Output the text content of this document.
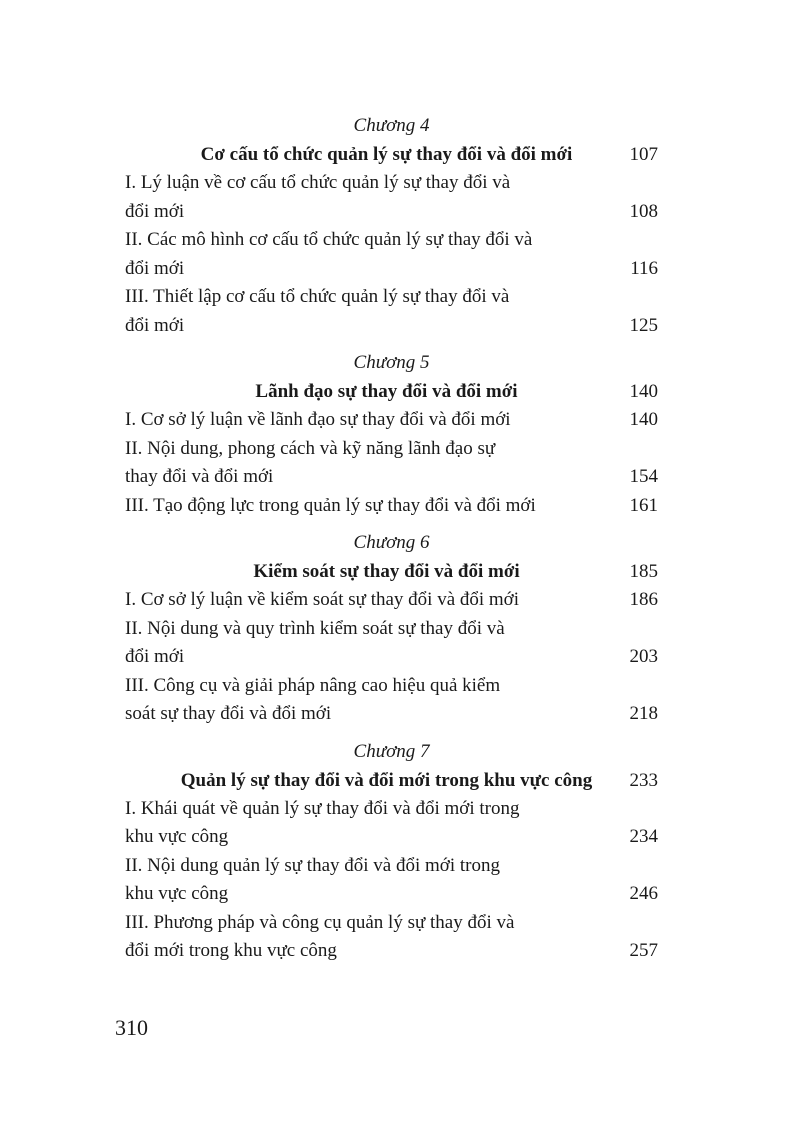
Chương 4
Cơ cấu tổ chức quản lý sự thay đổi và đổi mới	107
I. Lý luận về cơ cấu tổ chức quản lý sự thay đổi và
đổi mới	108
II. Các mô hình cơ cấu tổ chức quản lý sự thay đổi và
đổi mới	116
III. Thiết lập cơ cấu tổ chức quản lý sự thay đổi và
đổi mới	125
Chương 5
Lãnh đạo sự thay đổi và đổi mới	140
I. Cơ sở lý luận về lãnh đạo sự thay đổi và đổi mới	140
II. Nội dung, phong cách và kỹ năng lãnh đạo sự
thay đổi và đổi mới	154
III. Tạo động lực trong quản lý sự thay đổi và đổi mới	161
Chương 6
Kiểm soát sự thay đổi và đổi mới	185
I. Cơ sở lý luận về kiểm soát sự thay đổi và đổi mới	186
II. Nội dung và quy trình kiểm soát sự thay đổi và
đổi mới	203
III. Công cụ và giải pháp nâng cao hiệu quả kiểm
soát sự thay đổi và đổi mới	218
Chương 7
Quản lý sự thay đổi và đổi mới trong khu vực công	233
I. Khái quát về quản lý sự thay đổi và đổi mới trong
khu vực công	234
II. Nội dung quản lý sự thay đổi và đổi mới trong
khu vực công	246
III. Phương pháp và công cụ quản lý sự thay đổi và
đổi mới trong khu vực công	257
310
